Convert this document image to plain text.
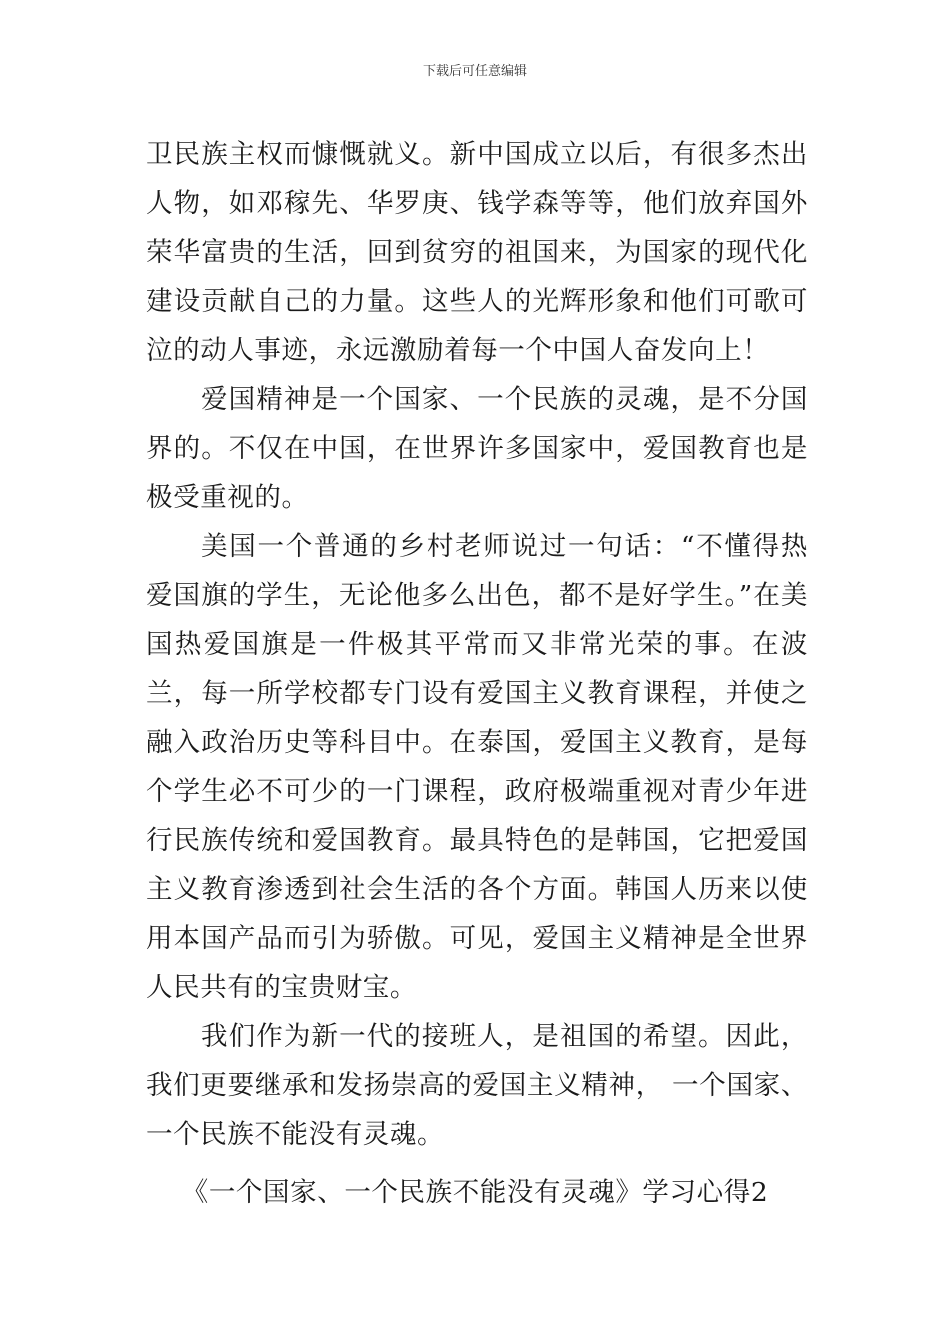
下载后可任意编辑

卫民族主权而慷慨就义。新中国成立以后，有很多杰出人物，如邓稼先、华罗庚、钱学森等等，他们放弃国外荣华富贵的生活，回到贫穷的祖国来，为国家的现代化建设贡献自己的力量。这些人的光辉形象和他们可歌可泣的动人事迹，永远激励着每一个中国人奋发向上！

爱国精神是一个国家、一个民族的灵魂，是不分国界的。不仅在中国，在世界许多国家中，爱国教育也是极受重视的。

美国一个普通的乡村老师说过一句话：“不懂得热爱国旗的学生，无论他多么出色，都不是好学生。”在美国热爱国旗是一件极其平常而又非常光荣的事。在波兰，每一所学校都专门设有爱国主义教育课程，并使之融入政治历史等科目中。在泰国，爱国主义教育，是每个学生必不可少的一门课程，政府极端重视对青少年进行民族传统和爱国教育。最具特色的是韩国，它把爱国主义教育渗透到社会生活的各个方面。韩国人历来以使用本国产品而引为骄傲。可见，爱国主义精神是全世界人民共有的宝贵财宝。

我们作为新一代的接班人，是祖国的希望。因此，我们更要继承和发扬崇高的爱国主义精神， 一个国家、一个民族不能没有灵魂。

《一个国家、一个民族不能没有灵魂》学习心得2
